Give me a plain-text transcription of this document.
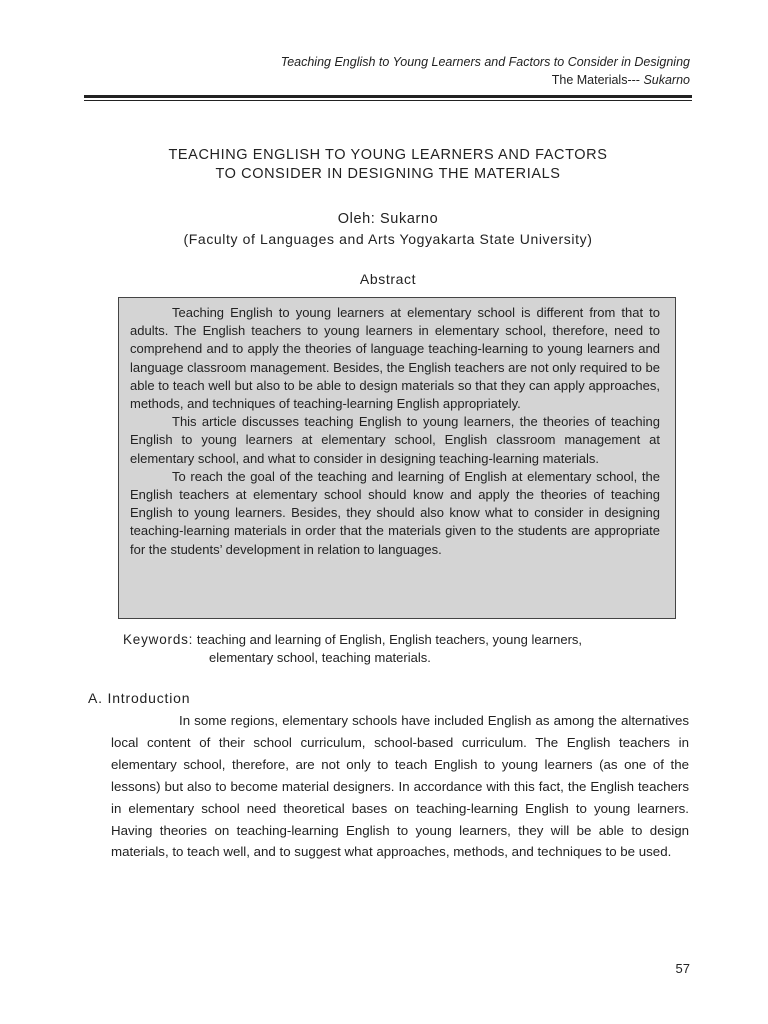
Teaching English to Young Learners and Factors to Consider in Designing
The Materials--- Sukarno
TEACHING ENGLISH TO YOUNG LEARNERS AND FACTORS
TO CONSIDER IN DESIGNING THE MATERIALS
Oleh: Sukarno
(Faculty of Languages and Arts Yogyakarta State University)
Abstract

Teaching English to young learners at elementary school is different from that to adults. The English teachers to young learners in elementary school, therefore, need to comprehend and to apply the theories of language teaching-learning to young learners and language classroom management. Besides, the English teachers are not only required to be able to teach well but also to be able to design materials so that they can apply approaches, methods, and techniques of teaching-learning English appropriately.

This article discusses teaching English to young learners, the theories of teaching English to young learners at elementary school, English classroom management at elementary school, and what to consider in designing teaching-learning materials.

To reach the goal of the teaching and learning of English at elementary school, the English teachers at elementary school should know and apply the theories of teaching English to young learners. Besides, they should also know what to consider in designing teaching-learning materials in order that the materials given to the students are appropriate for the students’ development in relation to languages.

Keywords: teaching and learning of English, English teachers, young learners,
elementary school, teaching materials.
A. Introduction

In some regions, elementary schools have included English as among the alternatives local content of their school curriculum, school-based curriculum. The English teachers in elementary school, therefore, are not only to teach English to young learners (as one of the lessons) but also to become material designers. In accordance with this fact, the English teachers in elementary school need theoretical bases on teaching-learning English to young learners. Having theories on teaching-learning English to young learners, they will be able to design materials, to teach well, and to suggest what approaches, methods, and techniques to be used.

57
